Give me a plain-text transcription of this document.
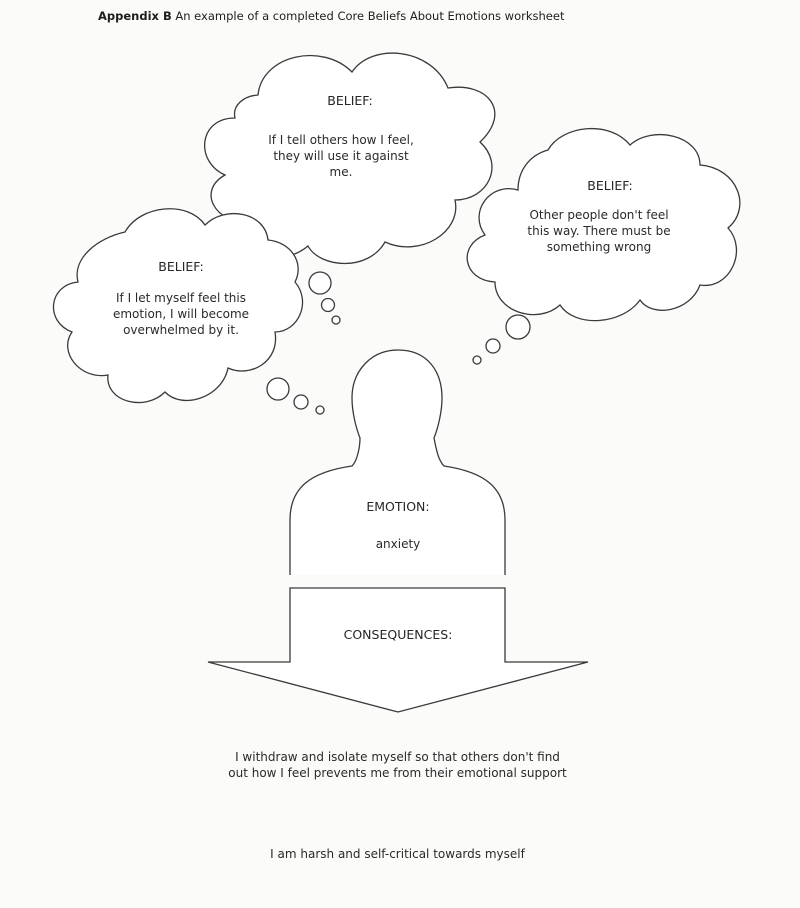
Appendix B An example of a completed Core Beliefs About Emotions worksheet
BELIEF:
If I tell others how I feel, they will use it against me.
BELIEF:
Other people don't feel this way. There must be something wrong
BELIEF:
If I let myself feel this emotion, I will become overwhelmed by it.
EMOTION:
anxiety
CONSEQUENCES:
I withdraw and isolate myself so that others don't find out how I feel prevents me from their emotional support
I am harsh and self-critical towards myself
